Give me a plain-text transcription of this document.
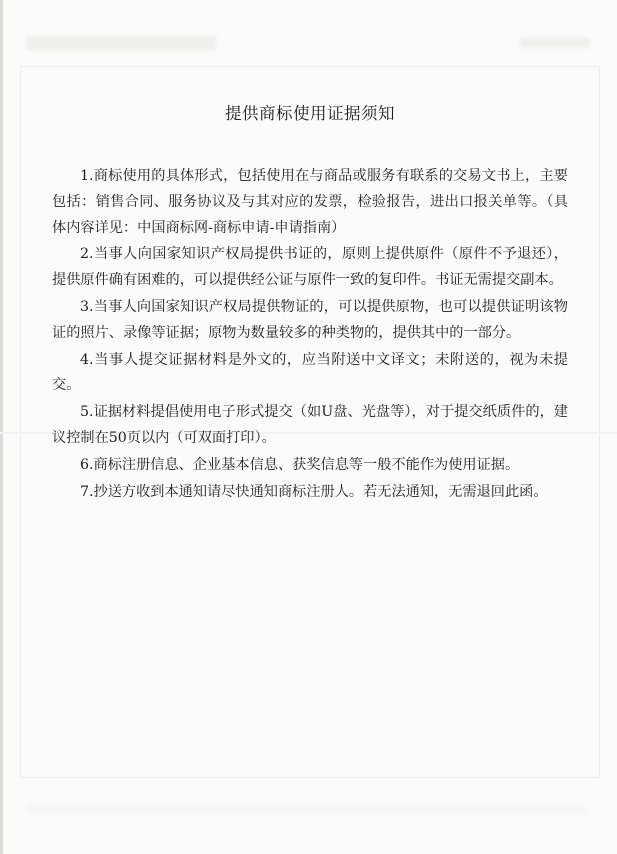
提供商标使用证据须知

1.商标使用的具体形式，包括使用在与商品或服务有联系的交易文书上，主要包括：销售合同、服务协议及与其对应的发票，检验报告，进出口报关单等。（具体内容详见：中国商标网-商标申请-申请指南）

2.当事人向国家知识产权局提供书证的，原则上提供原件（原件不予退还），提供原件确有困难的，可以提供经公证与原件一致的复印件。书证无需提交副本。

3.当事人向国家知识产权局提供物证的，可以提供原物，也可以提供证明该物证的照片、录像等证据；原物为数量较多的种类物的，提供其中的一部分。

4.当事人提交证据材料是外文的，应当附送中文译文；未附送的，视为未提交。

5.证据材料提倡使用电子形式提交（如U盘、光盘等），对于提交纸质件的，建议控制在50页以内（可双面打印）。

6.商标注册信息、企业基本信息、获奖信息等一般不能作为使用证据。

7.抄送方收到本通知请尽快通知商标注册人。若无法通知，无需退回此函。
